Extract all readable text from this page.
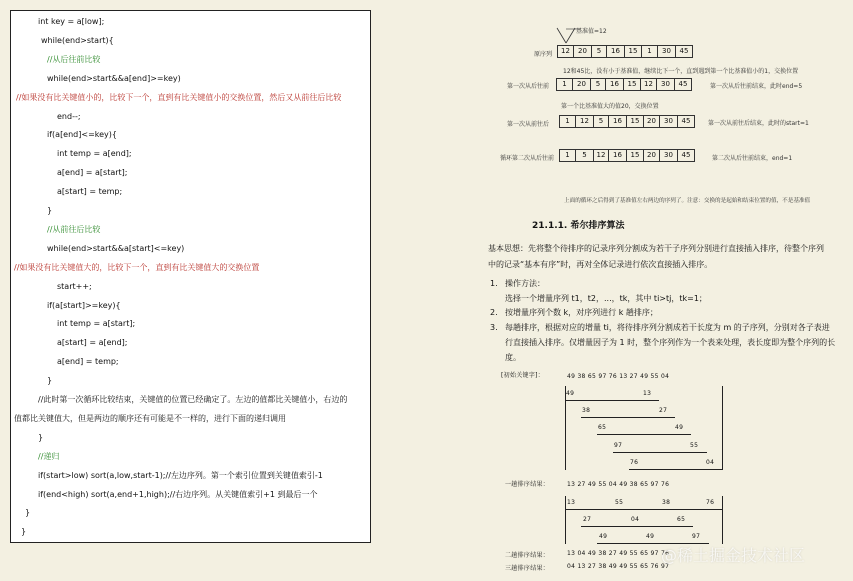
int key = a[low];
while(end>start){
//从后往前比较
while(end>start&&a[end]>=key)
//如果没有比关键值小的，比较下一个，直到有比关键值小的交换位置，然后又从前往后比较
end--;
if(a[end]<=key){
int temp = a[end];
a[end] = a[start];
a[start] = temp;
}
//从前往后比较
while(end>start&&a[start]<=key)
//如果没有比关键值大的，比较下一个，直到有比关键值大的交换位置
start++;
if(a[start]>=key){
int temp = a[start];
a[start] = a[end];
a[end] = temp;
}
//此时第一次循环比较结束，关键值的位置已经确定了。左边的值都比关键值小，右边的
值都比关键值大，但是两边的顺序还有可能是不一样的，进行下面的递归调用
}
//递归
if(start>low) sort(a,low,start-1);//左边序列。第一个索引位置到关键值索引-1
if(end<high) sort(a,end+1,high);//右边序列。从关键值索引+1 到最后一个
}
}
基准值=12
原序列	12	20	5	16	15	1	30	45
12和45比，没有小于基准值，继续比下一个，直到遇到第一个比基准值小的1，交换位置
第一次从后往前	1	20	5	16	15	12	30	45	第一次从后往前结束，此时end=5
第一个比基准值大的值20，交换位置
第一次从前往后	1	12	5	16	15	20	30	45	第一次从前往后结束，此时的start=1
循环第二次从后往前	1	5	12	16	15	20	30	45	第二次从后往前结束，end=1
上面的循环之后得到了基准值左右两边的序列了。注意：交换的是起始和结束位置的值，不是基准值
21.1.1. 希尔排序算法
基本思想：先将整个待排序的记录序列分割成为若干子序列分别进行直接插入排序，待整个序列
中的记录“基本有序”时，再对全体记录进行依次直接插入排序。
1. 操作方法：
选择一个增量序列 t1，t2，...，tk，其中 ti>tj，tk=1；
2. 按增量序列个数 k，对序列进行 k 趟排序；
3. 每趟排序，根据对应的增量 ti，将待排序列分割成若干长度为 m 的子序列，分别对各子表进
行直接插入排序。仅增量因子为 1 时，整个序列作为一个表来处理，表长度即为整个序列的长
度。
[初始关键字]：	49 38 65 97 76 13 27 49 55 04
49	13
38	27
65	49
97	55
76	04
一趟排序结果：	13 27 49 55 04 49 38 65 97 76
13	55	38	76
27	04	65
49	49	97
二趟排序结果：	13 04 49 38 27 49 55 65 97 76
三趟排序结果：	04 13 27 38 49 49 55 65 76 97
@稀土掘金技术社区
